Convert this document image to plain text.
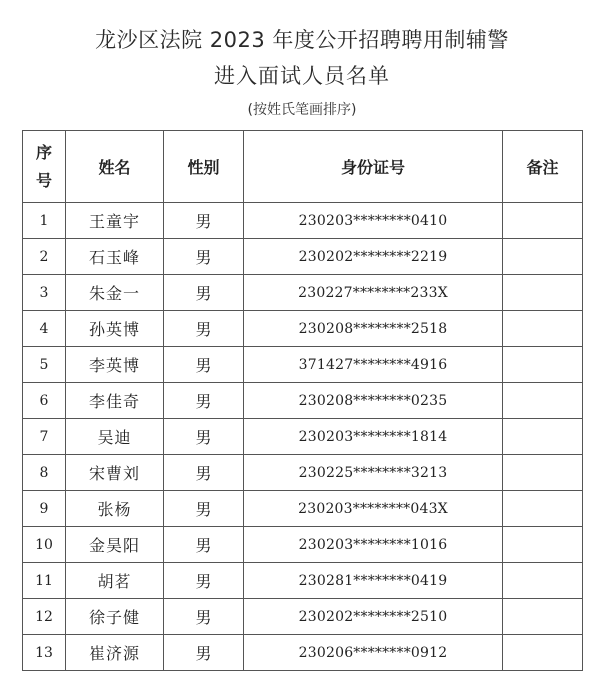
龙沙区法院 2023 年度公开招聘聘用制辅警
进入面试人员名单
(按姓氏笔画排序)
序号	姓名	性别	身份证号	备注
1	王童宇	男	230203********0410	
2	石玉峰	男	230202********2219	
3	朱金一	男	230227********233X	
4	孙英博	男	230208********2518	
5	李英博	男	371427********4916	
6	李佳奇	男	230208********0235	
7	吴迪	男	230203********1814	
8	宋曹刘	男	230225********3213	
9	张杨	男	230203********043X	
10	金昊阳	男	230203********1016	
11	胡茗	男	230281********0419	
12	徐子健	男	230202********2510	
13	崔济源	男	230206********0912	
